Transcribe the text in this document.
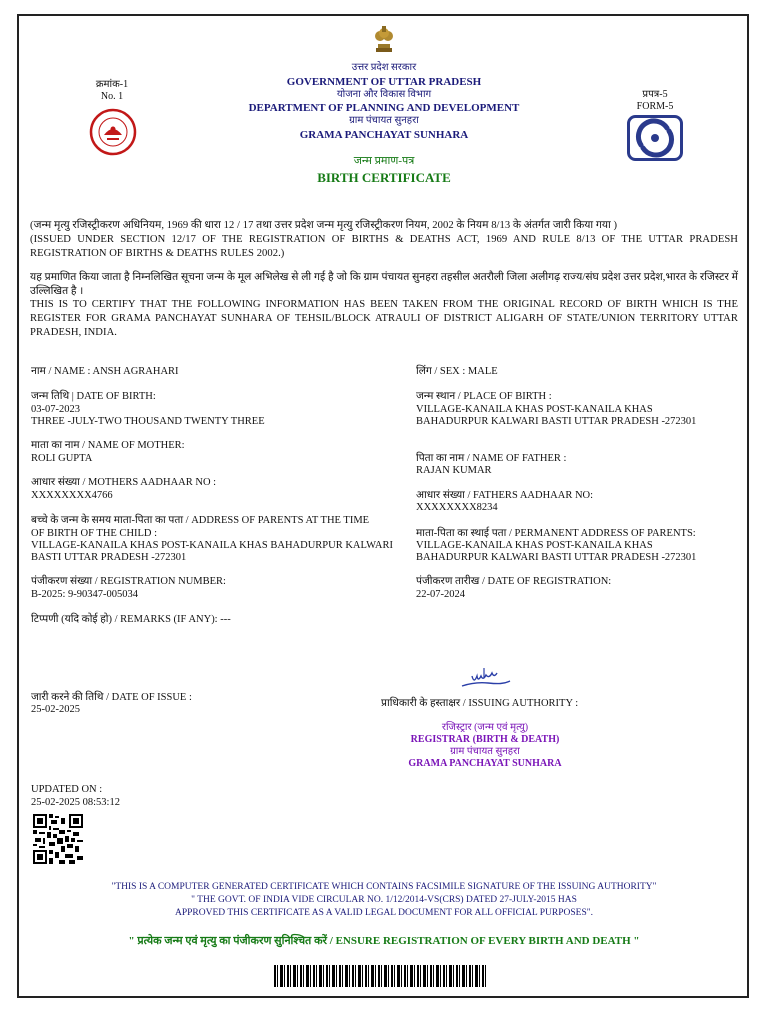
उत्तर प्रदेश सरकार
GOVERNMENT OF UTTAR PRADESH
योजना और विकास विभाग
DEPARTMENT OF PLANNING AND DEVELOPMENT
ग्राम पंचायत सुनहरा
GRAMA PANCHAYAT SUNHARA
जन्म प्रमाण-पत्र
BIRTH CERTIFICATE
क्रमांक-1
No. 1	प्रपत्र-5
FORM-5
(जन्म मृत्यु रजिस्ट्रीकरण अधिनियम, 1969 की धारा 12 / 17 तथा उत्तर प्रदेश जन्म मृत्यु रजिस्ट्रीकरण नियम, 2002 के नियम 8/13 के अंतर्गत जारी किया गया )
(ISSUED UNDER SECTION 12/17 OF THE REGISTRATION OF BIRTHS & DEATHS ACT, 1969 AND RULE 8/13 OF THE UTTAR PRADESH REGISTRATION OF BIRTHS & DEATHS RULES 2002.)
यह प्रमाणित किया जाता है निम्नलिखित सूचना जन्म के मूल अभिलेख से ली गई है जो कि ग्राम पंचायत सुनहरा तहसील अतरौली जिला अलीगढ़ राज्य/संघ प्रदेश उत्तर प्रदेश,भारत के रजिस्टर में उल्लिखित है ।
THIS IS TO CERTIFY THAT THE FOLLOWING INFORMATION HAS BEEN TAKEN FROM THE ORIGINAL RECORD OF BIRTH WHICH IS THE REGISTER FOR GRAMA PANCHAYAT SUNHARA OF TEHSIL/BLOCK ATRAULI OF DISTRICT ALIGARH OF STATE/UNION TERRITORY UTTAR PRADESH, INDIA.
नाम / NAME : ANSH AGRAHARI
जन्म तिथि | DATE OF BIRTH:
03-07-2023
THREE -JULY-TWO THOUSAND TWENTY THREE
माता का नाम / NAME OF MOTHER:
ROLI GUPTA
आधार संख्या / MOTHERS AADHAAR NO :
XXXXXXXX4766
बच्चे के जन्म के समय माता-पिता का पता / ADDRESS OF PARENTS AT THE TIME
OF BIRTH OF THE CHILD :
VILLAGE-KANAILA KHAS POST-KANAILA KHAS BAHADURPUR KALWARI
BASTI UTTAR PRADESH -272301
पंजीकरण संख्या / REGISTRATION NUMBER:
B-2025: 9-90347-005034
टिप्पणी (यदि कोई हो) / REMARKS (IF ANY): ---
लिंग / SEX : MALE
जन्म स्थान / PLACE OF BIRTH :
VILLAGE-KANAILA KHAS POST-KANAILA KHAS
BAHADURPUR KALWARI BASTI UTTAR PRADESH -272301
पिता का नाम / NAME OF FATHER :
RAJAN KUMAR
आधार संख्या / FATHERS AADHAAR NO:
XXXXXXXX8234
माता-पिता का स्थाई पता / PERMANENT ADDRESS OF PARENTS:
VILLAGE-KANAILA KHAS POST-KANAILA KHAS
BAHADURPUR KALWARI BASTI UTTAR PRADESH -272301
पंजीकरण तारीख / DATE OF REGISTRATION:
22-07-2024
जारी करने की तिथि / DATE OF ISSUE :
25-02-2025
प्राधिकारी के हस्ताक्षर / ISSUING AUTHORITY :
रजिस्ट्रार (जन्म एवं मृत्यु)
REGISTRAR (BIRTH & DEATH)
ग्राम पंचायत सुनहरा
GRAMA PANCHAYAT SUNHARA
UPDATED ON :
25-02-2025 08:53:12
"THIS IS A COMPUTER GENERATED CERTIFICATE WHICH CONTAINS FACSIMILE SIGNATURE OF THE ISSUING AUTHORITY"
" THE GOVT. OF INDIA VIDE CIRCULAR NO. 1/12/2014-VS(CRS) DATED 27-JULY-2015 HAS
APPROVED THIS CERTIFICATE AS A VALID LEGAL DOCUMENT FOR ALL OFFICIAL PURPOSES".
" प्रत्येक जन्म एवं मृत्यु का पंजीकरण सुनिश्चित करें / ENSURE REGISTRATION OF EVERY BIRTH AND DEATH "
